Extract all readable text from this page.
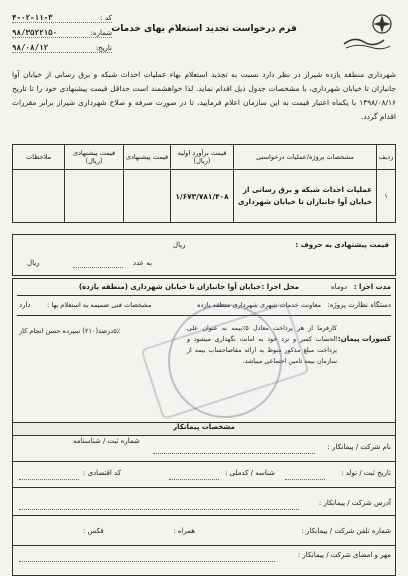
فرم درخواست تجدید استعلام بهای خدمات
کد :
۴-۰۲-۱۱-۳
شماره:
۹۸/۳۵۲۲۱۵۰
تاریخ:
۹۸/۰۸/۱۲
شهرداری منطقه یازده شیراز در نظر دارد نسبت به تجدید استعلام بهاء عملیات احداث شبکه و برق رسانی از خیابان آوا جانبازان تا خیابان شهرداری، با مشخصات جدول ذیل اقدام نماید. لذا خواهشمند است حداقل قیمت پیشنهادی خود را تا تاریخ ۱۳۹۸/۰۸/۱۶ با یکماه اعتبار قیمت به این سازمان اعلام فرمایید، تا در صورت صرفه و صلاح شهرداری شیراز برابر مقررات اقدام گردد.
ردیف	مشخصات پروژه/عملیات درخواستی	قیمت برآورد اولیه (ریال)	قیمت پیشنهادی	قیمت پیشنهادی (ریال)	ملاحظات
۱	عملیات احداث شبکه و برق رسانی از خیابان آوا جانبازان تا خیابان شهرداری	۱/۶۷۳/۷۸۱/۴۰۸			
قیمت پیشنهادی به حروف :
ریال
به عدد
ریال
مدت اجرا :
دوماه
محل اجرا :
خیابان آوا جانبازان تا خیابان شهرداری (منطقه یازده)
دستگاه نظارت پروژه:
معاونت خدمات شهری شهرداری منطقه یازده
مشخصات فنی ضمیمه به استعلام بها :
دارد
کسورات پیمان:
کارفرما از هر پرداخت معادل ۵٪بیمه به عنوان علی الحساب کسر و نزد خود به امانت نگهداری میشود و پرداخت مبلغ مذکور منوط به ارائه مفاصاحساب بیمه از سازمان بیمه تامین اجتماعی میباشد.
۵٪درصد(۲۱۰) سپرده حسن انجام کار
مشخصات پیمانکار
نام شرکت / پیمانکار :
شماره ثبت / شناسنامه
تاریخ ثبت / تولد :
شناسه / کدملی :
کد اقتصادی :
آدرس شرکت / پیمانکار :
شماره تلفن شرکت / پیمانکار :
همراه :
فکس :
مهر و امضای شرکت / پیمانکار :
